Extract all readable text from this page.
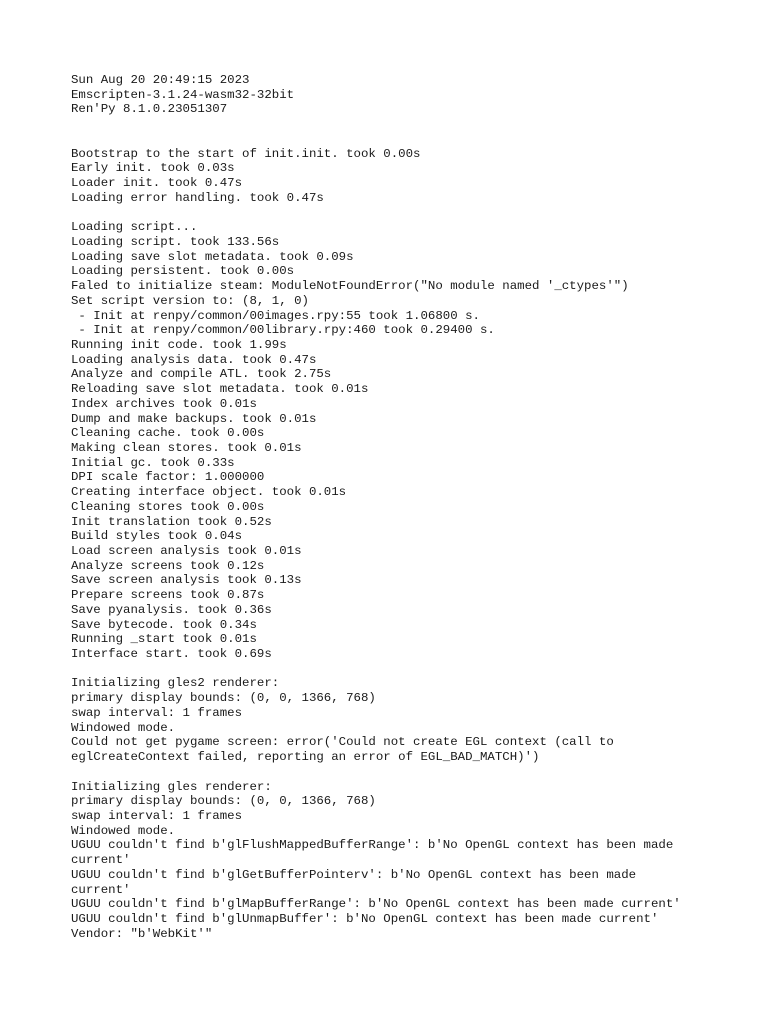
Sun Aug 20 20:49:15 2023
Emscripten-3.1.24-wasm32-32bit
Ren'Py 8.1.0.23051307
Bootstrap to the start of init.init. took 0.00s
Early init. took 0.03s
Loader init. took 0.47s
Loading error handling. took 0.47s
Loading script...
Loading script. took 133.56s
Loading save slot metadata. took 0.09s
Loading persistent. took 0.00s
Faled to initialize steam: ModuleNotFoundError("No module named '_ctypes'")
Set script version to: (8, 1, 0)
- Init at renpy/common/00images.rpy:55 took 1.06800 s.
- Init at renpy/common/00library.rpy:460 took 0.29400 s.
Running init code. took 1.99s
Loading analysis data. took 0.47s
Analyze and compile ATL. took 2.75s
Reloading save slot metadata. took 0.01s
Index archives took 0.01s
Dump and make backups. took 0.01s
Cleaning cache. took 0.00s
Making clean stores. took 0.01s
Initial gc. took 0.33s
DPI scale factor: 1.000000
Creating interface object. took 0.01s
Cleaning stores took 0.00s
Init translation took 0.52s
Build styles took 0.04s
Load screen analysis took 0.01s
Analyze screens took 0.12s
Save screen analysis took 0.13s
Prepare screens took 0.87s
Save pyanalysis. took 0.36s
Save bytecode. took 0.34s
Running _start took 0.01s
Interface start. took 0.69s
Initializing gles2 renderer:
primary display bounds: (0, 0, 1366, 768)
swap interval: 1 frames
Windowed mode.
Could not get pygame screen: error('Could not create EGL context (call to
eglCreateContext failed, reporting an error of EGL_BAD_MATCH)')
Initializing gles renderer:
primary display bounds: (0, 0, 1366, 768)
swap interval: 1 frames
Windowed mode.
UGUU couldn't find b'glFlushMappedBufferRange': b'No OpenGL context has been made
current'
UGUU couldn't find b'glGetBufferPointerv': b'No OpenGL context has been made
current'
UGUU couldn't find b'glMapBufferRange': b'No OpenGL context has been made current'
UGUU couldn't find b'glUnmapBuffer': b'No OpenGL context has been made current'
Vendor: "b'WebKit'"
